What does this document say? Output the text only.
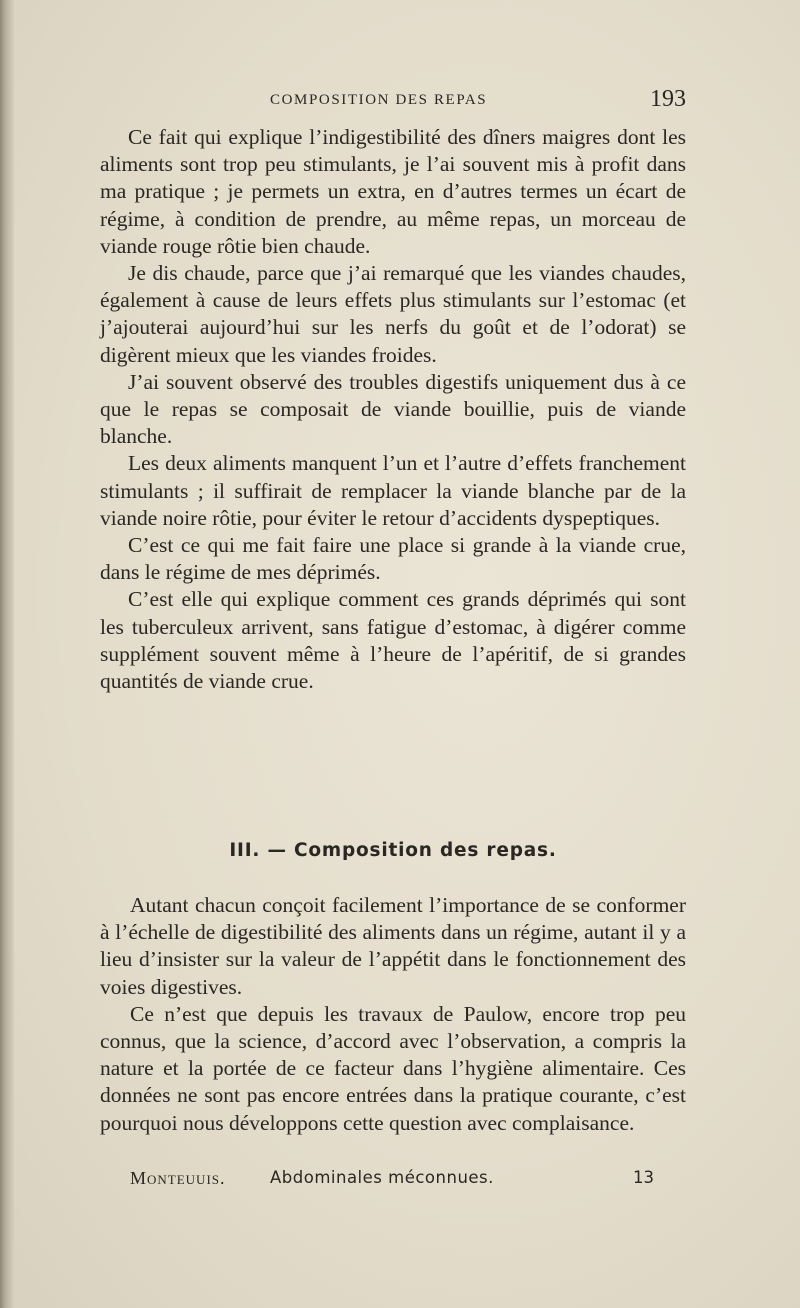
COMPOSITION DES REPAS	193

Ce fait qui explique l’indigestibilité des dîners maigres dont les aliments sont trop peu stimulants, je l’ai souvent mis à profit dans ma pratique ; je permets un extra, en d’autres termes un écart de régime, à condition de prendre, au même repas, un morceau de viande rouge rôtie bien chaude.

Je dis chaude, parce que j’ai remarqué que les viandes chaudes, également à cause de leurs effets plus stimulants sur l’estomac (et j’ajouterai aujourd’hui sur les nerfs du goût et de l’odorat) se digèrent mieux que les viandes froides.

J’ai souvent observé des troubles digestifs uniquement dus à ce que le repas se composait de viande bouillie, puis de viande blanche.

Les deux aliments manquent l’un et l’autre d’effets franchement stimulants ; il suffirait de remplacer la viande blanche par de la viande noire rôtie, pour éviter le retour d’accidents dyspeptiques.

C’est ce qui me fait faire une place si grande à la viande crue, dans le régime de mes déprimés.

C’est elle qui explique comment ces grands déprimés qui sont les tuberculeux arrivent, sans fatigue d’estomac, à digérer comme supplément souvent même à l’heure de l’apéritif, de si grandes quantités de viande crue.

III. — Composition des repas.

Autant chacun conçoit facilement l’importance de se conformer à l’échelle de digestibilité des aliments dans un régime, autant il y a lieu d’insister sur la valeur de l’appétit dans le fonctionnement des voies digestives.

Ce n’est que depuis les travaux de Paulow, encore trop peu connus, que la science, d’accord avec l’observation, a compris la nature et la portée de ce facteur dans l’hygiène alimentaire. Ces données ne sont pas encore entrées dans la pratique courante, c’est pourquoi nous développons cette question avec complaisance.

Monteuuis.	Abdominales méconnues.	13
